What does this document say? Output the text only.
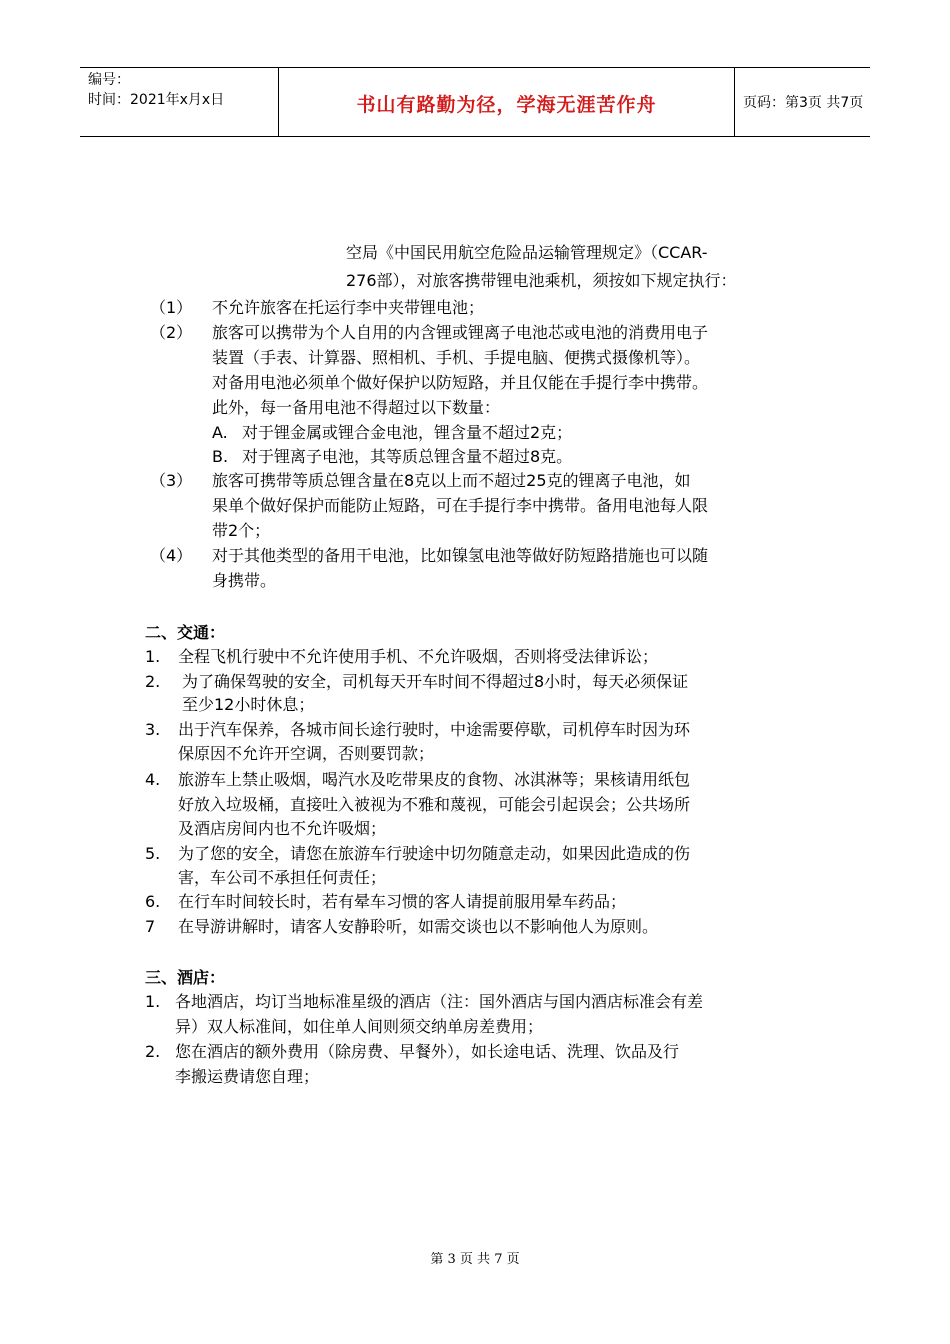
编号：
时间：2021年x月x日	书山有路勤为径，学海无涯苦作舟	页码：第3页 共7页
空局《中国民用航空危险品运输管理规定》（CCAR-
276部），对旅客携带锂电池乘机，须按如下规定执行：
（1） 不允许旅客在托运行李中夹带锂电池；
（2） 旅客可以携带为个人自用的内含锂或锂离子电池芯或电池的消费用电子
装置（手表、计算器、照相机、手机、手提电脑、便携式摄像机等）。
对备用电池必须单个做好保护以防短路，并且仅能在手提行李中携带。
此外，每一备用电池不得超过以下数量：
A. 对于锂金属或锂合金电池，锂含量不超过2克；
B. 对于锂离子电池，其等质总锂含量不超过8克。
（3） 旅客可携带等质总锂含量在8克以上而不超过25克的锂离子电池，如
果单个做好保护而能防止短路，可在手提行李中携带。备用电池每人限
带2个；
（4） 对于其他类型的备用干电池，比如镍氢电池等做好防短路措施也可以随
身携带。
二、交通：
1. 全程飞机行驶中不允许使用手机、不允许吸烟，否则将受法律诉讼；
2. 为了确保驾驶的安全，司机每天开车时间不得超过8小时，每天必须保证
至少12小时休息；
3. 出于汽车保养，各城市间长途行驶时，中途需要停歇，司机停车时因为环
保原因不允许开空调，否则要罚款；
4. 旅游车上禁止吸烟，喝汽水及吃带果皮的食物、冰淇淋等；果核请用纸包
好放入垃圾桶，直接吐入被视为不雅和蔑视，可能会引起误会；公共场所
及酒店房间内也不允许吸烟；
5. 为了您的安全，请您在旅游车行驶途中切勿随意走动，如果因此造成的伤
害，车公司不承担任何责任；
6. 在行车时间较长时，若有晕车习惯的客人请提前服用晕车药品；
7 在导游讲解时，请客人安静聆听，如需交谈也以不影响他人为原则。
三、酒店：
1. 各地酒店，均订当地标准星级的酒店（注：国外酒店与国内酒店标准会有差
异）双人标准间，如住单人间则须交纳单房差费用；
2. 您在酒店的额外费用（除房费、早餐外），如长途电话、洗理、饮品及行
李搬运费请您自理；
第 3 页 共 7 页
